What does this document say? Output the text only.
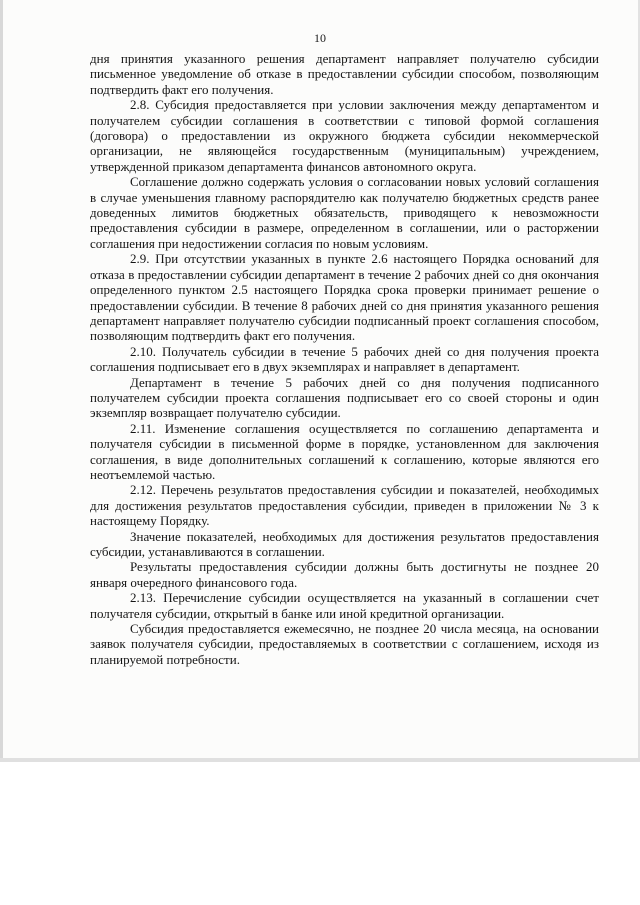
10

дня принятия указанного решения департамент направляет получателю субсидии письменное уведомление об отказе в предоставлении субсидии способом, позволяющим подтвердить факт его получения.

2.8. Субсидия предоставляется при условии заключения между департаментом и получателем субсидии соглашения в соответствии с типовой формой соглашения (договора) о предоставлении из окружного бюджета субсидии некоммерческой организации, не являющейся государственным (муниципальным) учреждением, утвержденной приказом департамента финансов автономного округа.

Соглашение должно содержать условия о согласовании новых условий соглашения в случае уменьшения главному распорядителю как получателю бюджетных средств ранее доведенных лимитов бюджетных обязательств, приводящего к невозможности предоставления субсидии в размере, определенном в соглашении, или о расторжении соглашения при недостижении согласия по новым условиям.

2.9. При отсутствии указанных в пункте 2.6 настоящего Порядка оснований для отказа в предоставлении субсидии департамент в течение 2 рабочих дней со дня окончания определенного пунктом 2.5 настоящего Порядка срока проверки принимает решение о предоставлении субсидии. В течение 8 рабочих дней со дня принятия указанного решения департамент направляет получателю субсидии подписанный проект соглашения способом, позволяющим подтвердить факт его получения.

2.10. Получатель субсидии в течение 5 рабочих дней со дня получения проекта соглашения подписывает его в двух экземплярах и направляет в департамент.

Департамент в течение 5 рабочих дней со дня получения подписанного получателем субсидии проекта соглашения подписывает его со своей стороны и один экземпляр возвращает получателю субсидии.

2.11. Изменение соглашения осуществляется по соглашению департамента и получателя субсидии в письменной форме в порядке, установленном для заключения соглашения, в виде дополнительных соглашений к соглашению, которые являются его неотъемлемой частью.

2.12. Перечень результатов предоставления субсидии и показателей, необходимых для достижения результатов предоставления субсидии, приведен в приложении № 3 к настоящему Порядку.

Значение показателей, необходимых для достижения результатов предоставления субсидии, устанавливаются в соглашении.

Результаты предоставления субсидии должны быть достигнуты не позднее 20 января очередного финансового года.

2.13. Перечисление субсидии осуществляется на указанный в соглашении счет получателя субсидии, открытый в банке или иной кредитной организации.

Субсидия предоставляется ежемесячно, не позднее 20 числа месяца, на основании заявок получателя субсидии, предоставляемых в соответствии с соглашением, исходя из планируемой потребности.
